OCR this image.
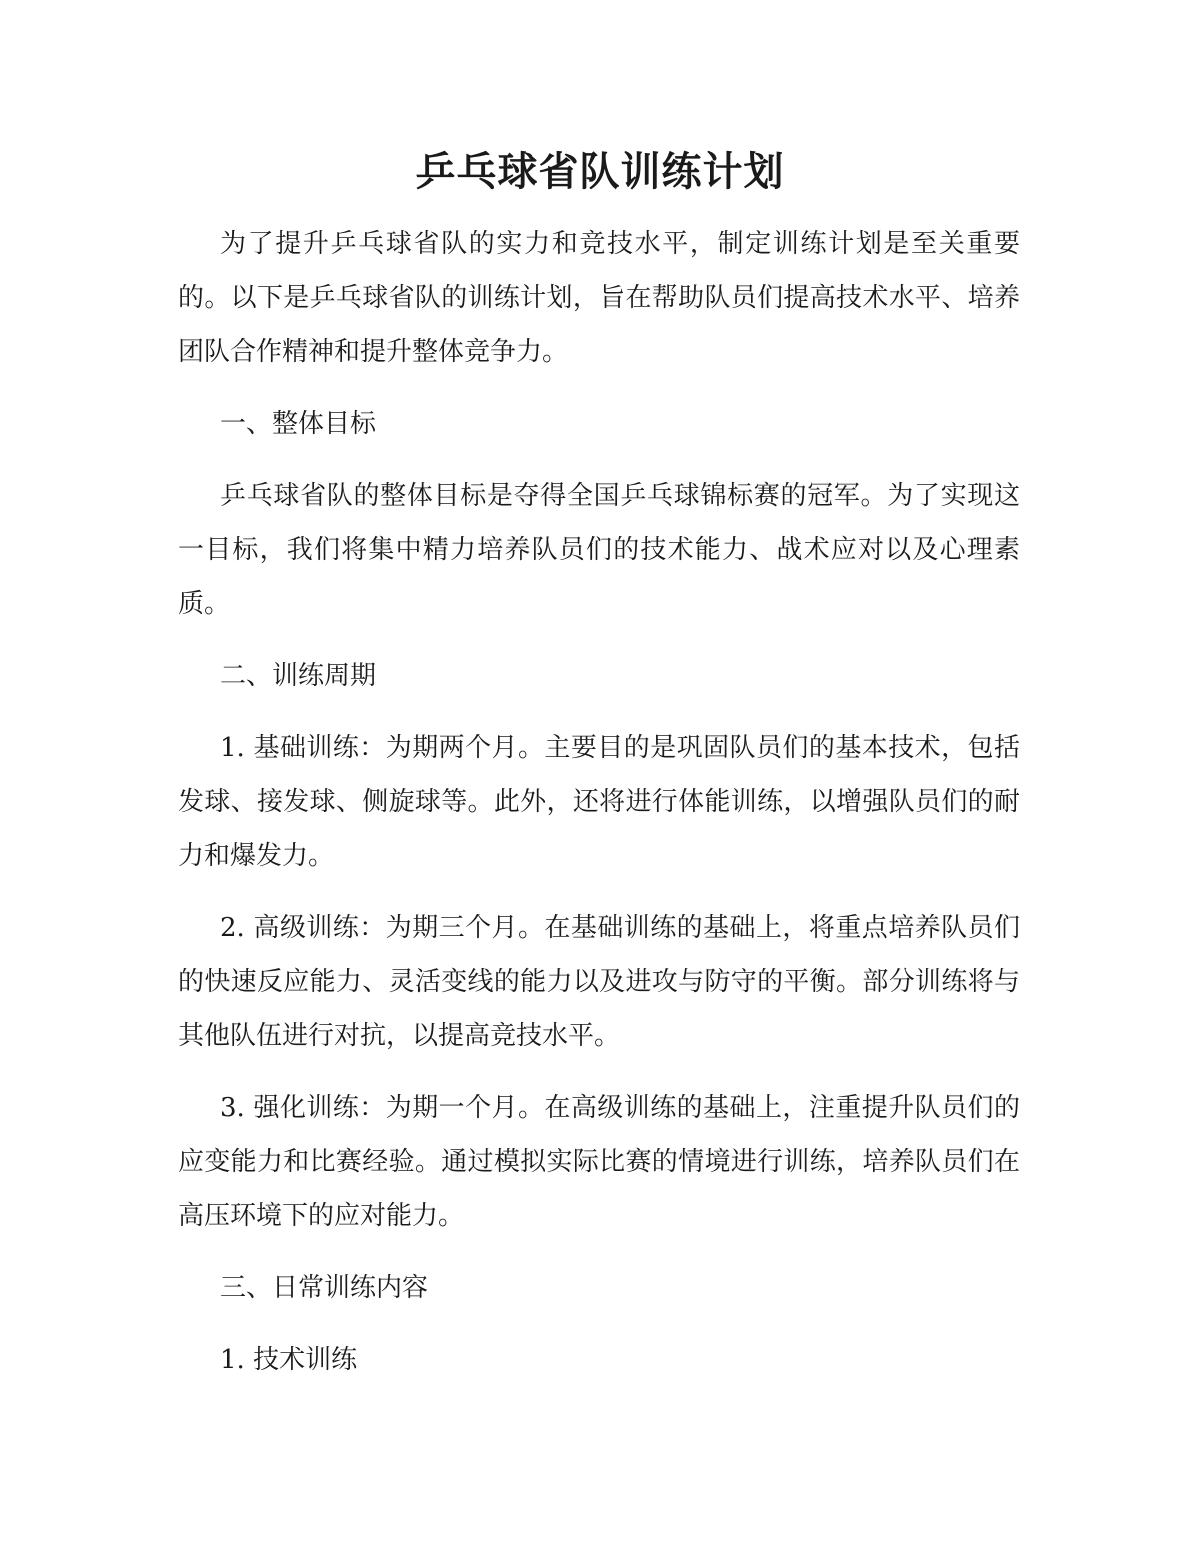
乒乓球省队训练计划

为了提升乒乓球省队的实力和竞技水平，制定训练计划是至关重要的。以下是乒乓球省队的训练计划，旨在帮助队员们提高技术水平、培养团队合作精神和提升整体竞争力。

一、整体目标

乒乓球省队的整体目标是夺得全国乒乓球锦标赛的冠军。为了实现这一目标，我们将集中精力培养队员们的技术能力、战术应对以及心理素质。

二、训练周期

1. 基础训练：为期两个月。主要目的是巩固队员们的基本技术，包括发球、接发球、侧旋球等。此外，还将进行体能训练，以增强队员们的耐力和爆发力。

2. 高级训练：为期三个月。在基础训练的基础上，将重点培养队员们的快速反应能力、灵活变线的能力以及进攻与防守的平衡。部分训练将与其他队伍进行对抗，以提高竞技水平。

3. 强化训练：为期一个月。在高级训练的基础上，注重提升队员们的应变能力和比赛经验。通过模拟实际比赛的情境进行训练，培养队员们在高压环境下的应对能力。

三、日常训练内容

1. 技术训练
